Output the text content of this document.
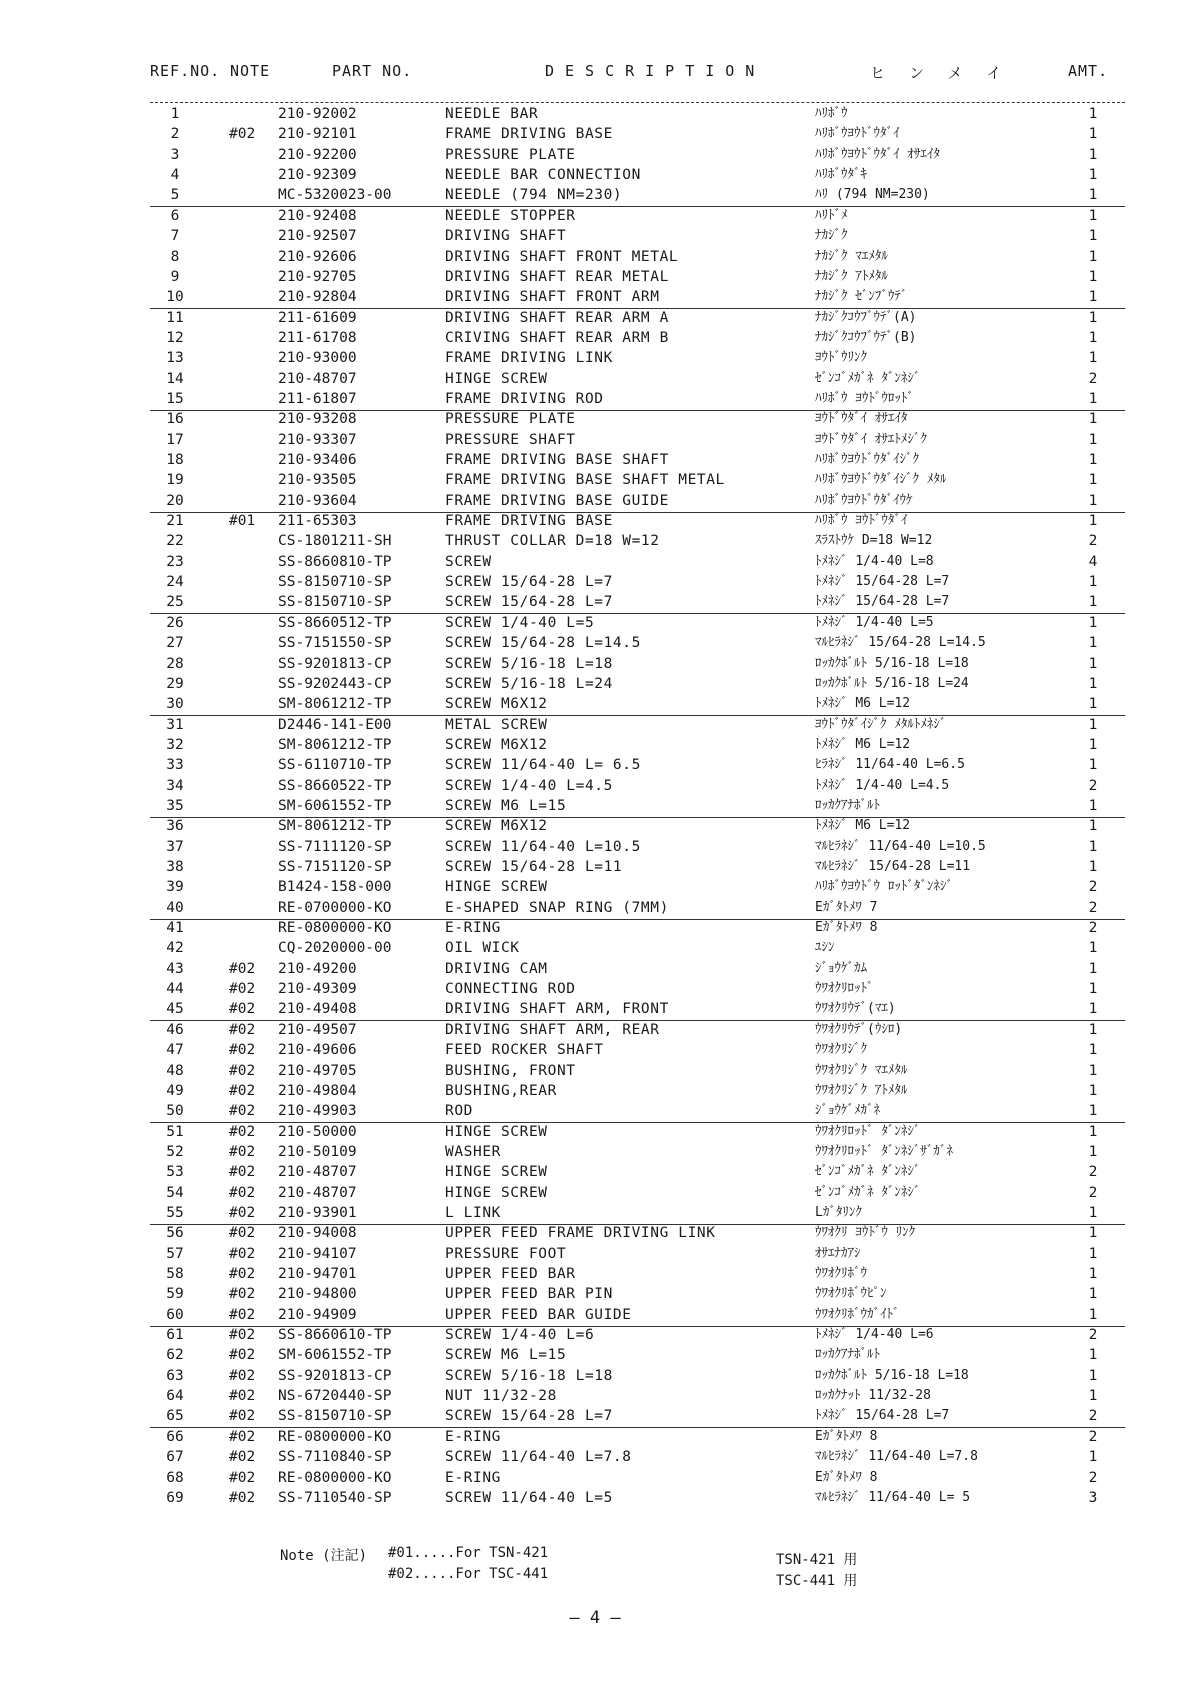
REF.NO. NOTE	PART NO.	DESCRIPTION	ヒンメイ	AMT.
1	210-92002	NEEDLE BAR	ﾊﾘﾎﾞｳ	1
2	#02 210-92101	FRAME DRIVING BASE	ﾊﾘﾎﾞｳﾖｳﾄﾞｳﾀﾞｲ	1
3	210-92200	PRESSURE PLATE	ﾊﾘﾎﾞｳﾖｳﾄﾞｳﾀﾞｲ ｵｻｴｲﾀ	1
4	210-92309	NEEDLE BAR CONNECTION	ﾊﾘﾎﾞｳﾀﾞｷ	1
5	MC-5320023-00	NEEDLE (794 NM=230)	ﾊﾘ (794 NM=230)	1
6	210-92408	NEEDLE STOPPER	ﾊﾘﾄﾞﾒ	1
7	210-92507	DRIVING SHAFT	ﾅｶｼﾞｸ	1
8	210-92606	DRIVING SHAFT FRONT METAL	ﾅｶｼﾞｸ ﾏｴﾒﾀﾙ	1
9	210-92705	DRIVING SHAFT REAR METAL	ﾅｶｼﾞｸ ｱﾄﾒﾀﾙ	1
10	210-92804	DRIVING SHAFT FRONT ARM	ﾅｶｼﾞｸ ｾﾞﾝﾌﾞｳﾃﾞ	1
11	211-61609	DRIVING SHAFT REAR ARM A	ﾅｶｼﾞｸｺｳﾌﾞｳﾃﾞ(A)	1
12	211-61708	CRIVING SHAFT REAR ARM B	ﾅｶｼﾞｸｺｳﾌﾞｳﾃﾞ(B)	1
13	210-93000	FRAME DRIVING LINK	ﾖｳﾄﾞｳﾘﾝｸ	1
14	210-48707	HINGE SCREW	ｾﾞﾝｺﾞﾒｶﾞﾈ ﾀﾞﾝﾈｼﾞ	2
15	211-61807	FRAME DRIVING ROD	ﾊﾘﾎﾞｳ ﾖｳﾄﾞｳﾛｯﾄﾞ	1
16	210-93208	PRESSURE PLATE	ﾖｳﾄﾞｳﾀﾞｲ ｵｻｴｲﾀ	1
17	210-93307	PRESSURE SHAFT	ﾖｳﾄﾞｳﾀﾞｲ ｵｻｴﾄﾒｼﾞｸ	1
18	210-93406	FRAME DRIVING BASE SHAFT	ﾊﾘﾎﾞｳﾖｳﾄﾞｳﾀﾞｲｼﾞｸ	1
19	210-93505	FRAME DRIVING BASE SHAFT METAL	ﾊﾘﾎﾞｳﾖｳﾄﾞｳﾀﾞｲｼﾞｸ ﾒﾀﾙ	1
20	210-93604	FRAME DRIVING BASE GUIDE	ﾊﾘﾎﾞｳﾖｳﾄﾞｳﾀﾞｲｳｹ	1
21	#01 211-65303	FRAME DRIVING BASE	ﾊﾘﾎﾞｳ ﾖｳﾄﾞｳﾀﾞｲ	1
22	CS-1801211-SH	THRUST COLLAR D=18 W=12	ｽﾗｽﾄｳｹ D=18 W=12	2
23	SS-8660810-TP	SCREW	ﾄﾒﾈｼﾞ 1/4-40 L=8	4
24	SS-8150710-SP	SCREW 15/64-28 L=7	ﾄﾒﾈｼﾞ 15/64-28 L=7	1
25	SS-8150710-SP	SCREW 15/64-28 L=7	ﾄﾒﾈｼﾞ 15/64-28 L=7	1
26	SS-8660512-TP	SCREW 1/4-40 L=5	ﾄﾒﾈｼﾞ 1/4-40 L=5	1
27	SS-7151550-SP	SCREW 15/64-28 L=14.5	ﾏﾙﾋﾗﾈｼﾞ 15/64-28 L=14.5	1
28	SS-9201813-CP	SCREW 5/16-18 L=18	ﾛｯｶｸﾎﾞﾙﾄ 5/16-18 L=18	1
29	SS-9202443-CP	SCREW 5/16-18 L=24	ﾛｯｶｸﾎﾞﾙﾄ 5/16-18 L=24	1
30	SM-8061212-TP	SCREW M6X12	ﾄﾒﾈｼﾞ M6 L=12	1
31	D2446-141-E00	METAL SCREW	ﾖｳﾄﾞｳﾀﾞｲｼﾞｸ ﾒﾀﾙﾄﾒﾈｼﾞ	1
32	SM-8061212-TP	SCREW M6X12	ﾄﾒﾈｼﾞ M6 L=12	1
33	SS-6110710-TP	SCREW 11/64-40 L= 6.5	ﾋﾗﾈｼﾞ 11/64-40 L=6.5	1
34	SS-8660522-TP	SCREW 1/4-40 L=4.5	ﾄﾒﾈｼﾞ 1/4-40 L=4.5	2
35	SM-6061552-TP	SCREW M6 L=15	ﾛｯｶｸｱﾅﾎﾞﾙﾄ	1
36	SM-8061212-TP	SCREW M6X12	ﾄﾒﾈｼﾞ M6 L=12	1
37	SS-7111120-SP	SCREW 11/64-40 L=10.5	ﾏﾙﾋﾗﾈｼﾞ 11/64-40 L=10.5	1
38	SS-7151120-SP	SCREW 15/64-28 L=11	ﾏﾙﾋﾗﾈｼﾞ 15/64-28 L=11	1
39	B1424-158-000	HINGE SCREW	ﾊﾘﾎﾞｳﾖｳﾄﾞｳ ﾛｯﾄﾞﾀﾞﾝﾈｼﾞ	2
40	RE-0700000-KO	E-SHAPED SNAP RING (7MM)	Eｶﾞﾀﾄﾒﾜ 7	2
41	RE-0800000-KO	E-RING	Eｶﾞﾀﾄﾒﾜ 8	2
42	CQ-2020000-00	OIL WICK	ﾕｼﾝ	1
43	#02 210-49200	DRIVING CAM	ｼﾞｮｳｹﾞｶﾑ	1
44	#02 210-49309	CONNECTING ROD	ｳﾜｵｸﾘﾛｯﾄﾞ	1
45	#02 210-49408	DRIVING SHAFT ARM, FRONT	ｳﾜｵｸﾘｳﾃﾞ(ﾏｴ)	1
46	#02 210-49507	DRIVING SHAFT ARM, REAR	ｳﾜｵｸﾘｳﾃﾞ(ｳｼﾛ)	1
47	#02 210-49606	FEED ROCKER SHAFT	ｳﾜｵｸﾘｼﾞｸ	1
48	#02 210-49705	BUSHING, FRONT	ｳﾜｵｸﾘｼﾞｸ ﾏｴﾒﾀﾙ	1
49	#02 210-49804	BUSHING,REAR	ｳﾜｵｸﾘｼﾞｸ ｱﾄﾒﾀﾙ	1
50	#02 210-49903	ROD	ｼﾞｮｳｹﾞﾒｶﾞﾈ	1
51	#02 210-50000	HINGE SCREW	ｳﾜｵｸﾘﾛｯﾄﾞ ﾀﾞﾝﾈｼﾞ	1
52	#02 210-50109	WASHER	ｳﾜｵｸﾘﾛｯﾄﾞ ﾀﾞﾝﾈｼﾞｻﾞｶﾞﾈ	1
53	#02 210-48707	HINGE SCREW	ｾﾞﾝｺﾞﾒｶﾞﾈ ﾀﾞﾝﾈｼﾞ	2
54	#02 210-48707	HINGE SCREW	ｾﾞﾝｺﾞﾒｶﾞﾈ ﾀﾞﾝﾈｼﾞ	2
55	#02 210-93901	L LINK	Lｶﾞﾀﾘﾝｸ	1
56	#02 210-94008	UPPER FEED FRAME DRIVING LINK	ｳﾜｵｸﾘ ﾖｳﾄﾞｳ ﾘﾝｸ	1
57	#02 210-94107	PRESSURE FOOT	ｵｻｴﾅｶｱｼ	1
58	#02 210-94701	UPPER FEED BAR	ｳﾜｵｸﾘﾎﾞｳ	1
59	#02 210-94800	UPPER FEED BAR PIN	ｳﾜｵｸﾘﾎﾞｳﾋﾟﾝ	1
60	#02 210-94909	UPPER FEED BAR GUIDE	ｳﾜｵｸﾘﾎﾞｳｶﾞｲﾄﾞ	1
61	#02 SS-8660610-TP	SCREW 1/4-40 L=6	ﾄﾒﾈｼﾞ 1/4-40 L=6	2
62	#02 SM-6061552-TP	SCREW M6 L=15	ﾛｯｶｸｱﾅﾎﾞﾙﾄ	1
63	#02 SS-9201813-CP	SCREW 5/16-18 L=18	ﾛｯｶｸﾎﾞﾙﾄ 5/16-18 L=18	1
64	#02 NS-6720440-SP	NUT 11/32-28	ﾛｯｶｸﾅｯﾄ 11/32-28	1
65	#02 SS-8150710-SP	SCREW 15/64-28 L=7	ﾄﾒﾈｼﾞ 15/64-28 L=7	2
66	#02 RE-0800000-KO	E-RING	Eｶﾞﾀﾄﾒﾜ 8	2
67	#02 SS-7110840-SP	SCREW 11/64-40 L=7.8	ﾏﾙﾋﾗﾈｼﾞ 11/64-40 L=7.8	1
68	#02 RE-0800000-KO	E-RING	Eｶﾞﾀﾄﾒﾜ 8	2
69	#02 SS-7110540-SP	SCREW 11/64-40 L=5	ﾏﾙﾋﾗﾈｼﾞ 11/64-40 L= 5	3
Note (注記) #01.....For TSN-421
#02.....For TSC-441
TSN-421 用
TSC-441 用
— 4 —
